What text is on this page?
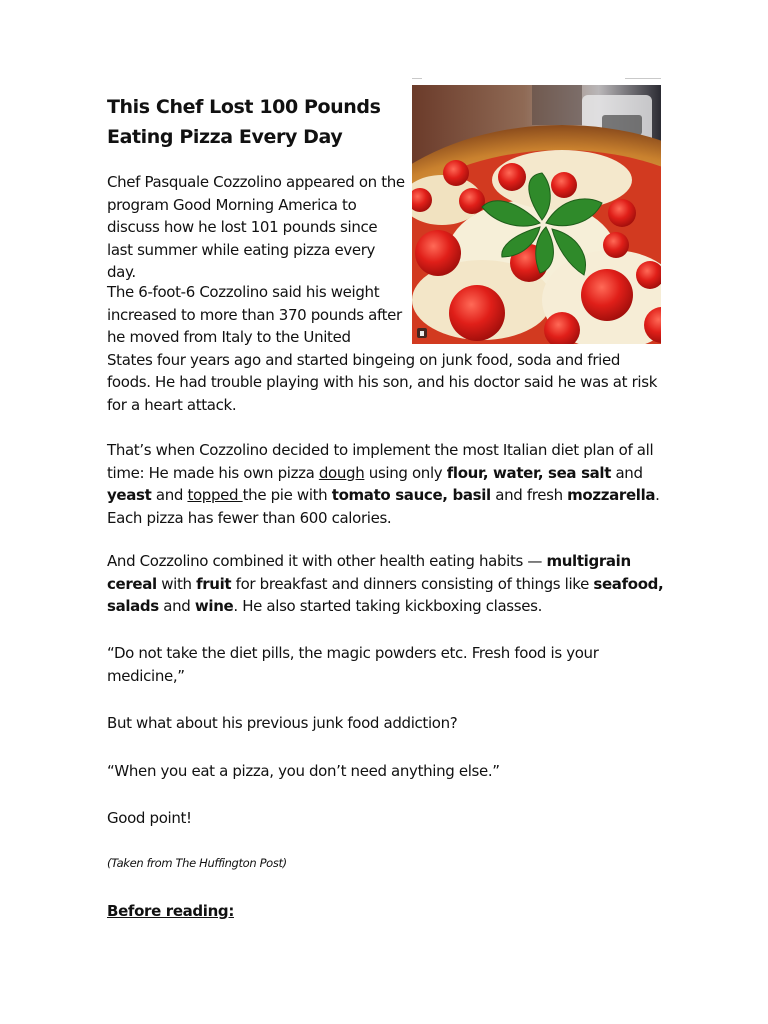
This Chef Lost 100 Pounds
Eating Pizza Every Day

Chef Pasquale Cozzolino appeared on the program Good Morning America to discuss how he lost 101 pounds since last summer while eating pizza every day.

The 6-foot-6 Cozzolino said his weight increased to more than 370 pounds after he moved from Italy to the United
States four years ago and started bingeing on junk food, soda and fried foods. He had trouble playing with his son, and his doctor said he was at risk for a heart attack.

That’s when Cozzolino decided to implement the most Italian diet plan of all time: He made his own pizza dough using only flour, water, sea salt and yeast and topped the pie with tomato sauce, basil and fresh mozzarella. Each pizza has fewer than 600 calories.

And Cozzolino combined it with other health eating habits — multigrain cereal with fruit for breakfast and dinners consisting of things like seafood, salads and wine. He also started taking kickboxing classes.

“Do not take the diet pills, the magic powders etc. Fresh food is your medicine,”

But what about his previous junk food addiction?

“When you eat a pizza, you don’t need anything else.”

Good point!

(Taken from The Huffington Post)

Before reading:
